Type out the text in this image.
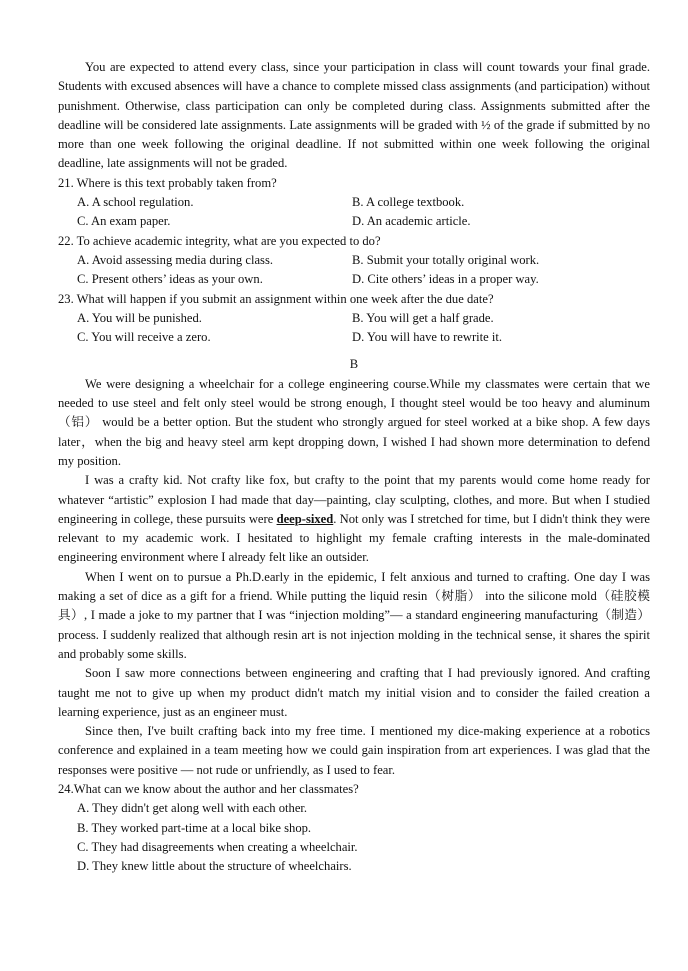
You are expected to attend every class, since your participation in class will count towards your final grade. Students with excused absences will have a chance to complete missed class assignments (and participation) without punishment. Otherwise, class participation can only be completed during class. Assignments submitted after the deadline will be considered late assignments. Late assignments will be graded with ½ of the grade if submitted by no more than one week following the original deadline. If not submitted within one week following the original deadline, late assignments will not be graded.

21. Where is this text probably taken from?

A. A school regulation.	B. A college textbook.
C. An exam paper.	D. An academic article.

22. To achieve academic integrity, what are you expected to do?

A. Avoid assessing media during class.	B. Submit your totally original work.
C. Present others’ ideas as your own.	D. Cite others’ ideas in a proper way.

23. What will happen if you submit an assignment within one week after the due date?

A. You will be punished.	B. You will get a half grade.
C. You will receive a zero.	D. You will have to rewrite it.

B

We were designing a wheelchair for a college engineering course.While my classmates were certain that we needed to use steel and felt only steel would be strong enough, I thought steel would be too heavy and aluminum（铝） would be a better option. But the student who strongly argued for steel worked at a bike shop. A few days later，when the big and heavy steel arm kept dropping down, I wished I had shown more determination to defend my position.

I was a crafty kid. Not crafty like fox, but crafty to the point that my parents would come home ready for whatever “artistic” explosion I had made that day—painting, clay sculpting, clothes, and more. But when I studied engineering in college, these pursuits were deep-sixed. Not only was I stretched for time, but I didn't think they were relevant to my academic work. I hesitated to highlight my female crafting interests in the male-dominated engineering environment where I already felt like an outsider.

When I went on to pursue a Ph.D.early in the epidemic, I felt anxious and turned to crafting. One day I was making a set of dice as a gift for a friend. While putting the liquid resin（树脂） into the silicone mold（硅胶模具）, I made a joke to my partner that I was “injection molding”— a standard engineering manufacturing（制造） process. I suddenly realized that although resin art is not injection molding in the technical sense, it shares the spirit and probably some skills.

Soon I saw more connections between engineering and crafting that I had previously ignored. And crafting taught me not to give up when my product didn't match my initial vision and to consider the failed creation a learning experience, just as an engineer must.

Since then, I've built crafting back into my free time. I mentioned my dice-making experience at a robotics conference and explained in a team meeting how we could gain inspiration from art experiences. I was glad that the responses were positive — not rude or unfriendly, as I used to fear.

24.What can we know about the author and her classmates?

A. They didn't get along well with each other.

B. They worked part-time at a local bike shop.

C. They had disagreements when creating a wheelchair.

D. They knew little about the structure of wheelchairs.
